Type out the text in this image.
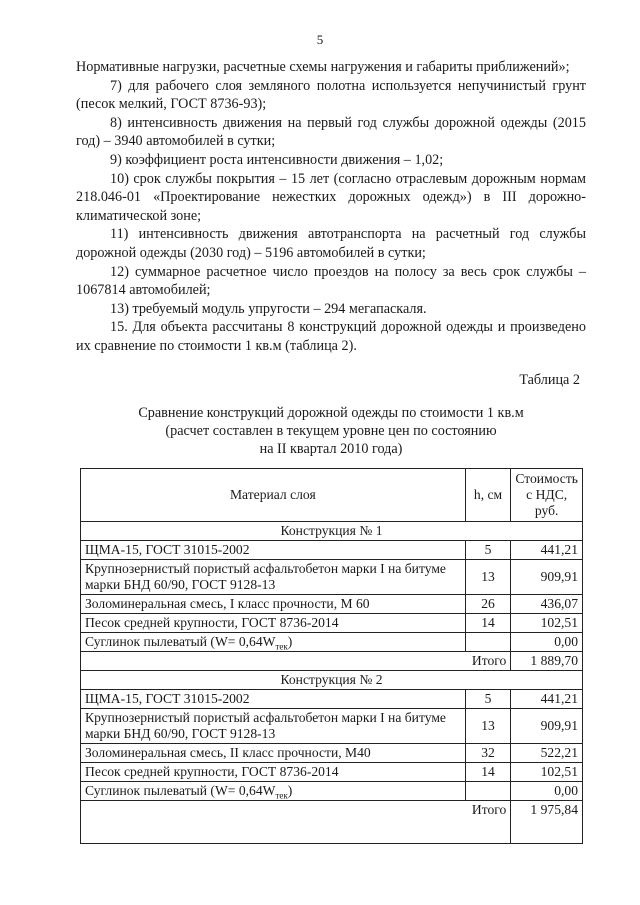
5

Нормативные нагрузки, расчетные схемы нагружения и габариты приближений»;

7) для рабочего слоя земляного полотна используется непучинистый грунт (песок мелкий, ГОСТ 8736-93);

8) интенсивность движения на первый год службы дорожной одежды (2015 год) – 3940 автомобилей в сутки;

9) коэффициент роста интенсивности движения – 1,02;

10) срок службы покрытия – 15 лет (согласно отраслевым дорожным нормам 218.046-01 «Проектирование нежестких дорожных одежд») в III дорожно-климатической зоне;

11) интенсивность движения автотранспорта на расчетный год службы дорожной одежды (2030 год) – 5196 автомобилей в сутки;

12) суммарное расчетное число проездов на полосу за весь срок службы – 1067814 автомобилей;

13) требуемый модуль упругости – 294 мегапаскаля.

15. Для объекта рассчитаны 8 конструкций дорожной одежды и произведено их сравнение по стоимости 1 кв.м (таблица 2).

Таблица 2
Сравнение конструкций дорожной одежды по стоимости 1 кв.м
(расчет составлен в текущем уровне цен по состоянию
на II квартал 2010 года)
Материал слоя	h, см	Стоимость с НДС, руб.
Конструкция № 1		
ЩМА-15, ГОСТ 31015-2002	5	441,21
Крупнозернистый пористый асфальтобетон марки I на битуме марки БНД 60/90, ГОСТ 9128-13	13	909,91
Золоминеральная смесь, I класс прочности, М 60	26	436,07
Песок средней крупности, ГОСТ 8736-2014	14	102,51
Суглинок пылеватый $(W= 0,64W_{тек})$		0,00
Итого		1 889,70
Конструкция № 2		
ЩМА-15, ГОСТ 31015-2002	5	441,21
Крупнозернистый пористый асфальтобетон марки I на битуме марки БНД 60/90, ГОСТ 9128-13	13	909,91
Золоминеральная смесь, II класс прочности, М40	32	522,21
Песок средней крупности, ГОСТ 8736-2014	14	102,51
Суглинок пылеватый $(W= 0,64W_{тек})$		0,00
Итого		1 975,84
